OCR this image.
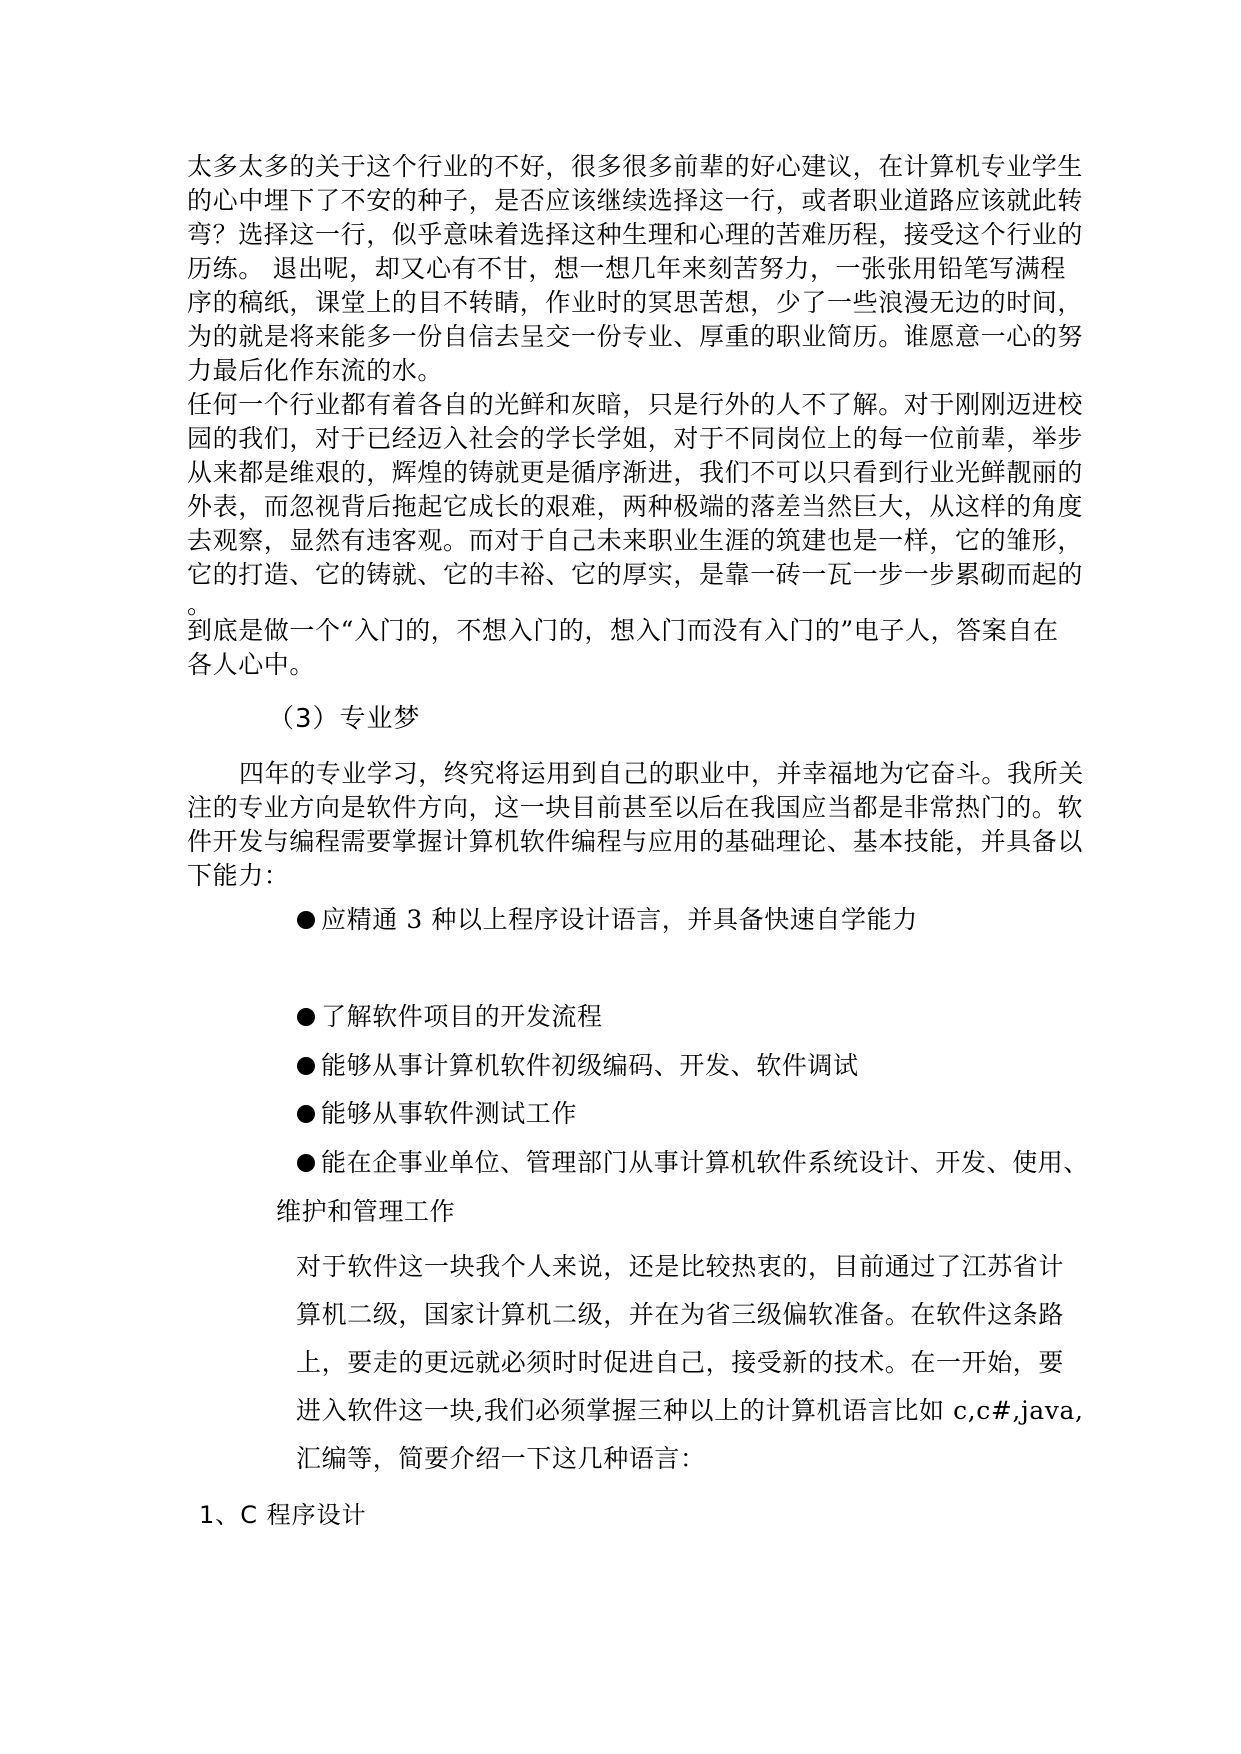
太多太多的关于这个行业的不好，很多很多前辈的好心建议，在计算机专业学生
的心中埋下了不安的种子，是否应该继续选择这一行，或者职业道路应该就此转
弯？选择这一行，似乎意味着选择这种生理和心理的苦难历程，接受这个行业的
历练。 退出呢，却又心有不甘，想一想几年来刻苦努力，一张张用铅笔写满程
序的稿纸，课堂上的目不转睛，作业时的冥思苦想，少了一些浪漫无边的时间，
为的就是将来能多一份自信去呈交一份专业、厚重的职业简历。谁愿意一心的努
力最后化作东流的水。
任何一个行业都有着各自的光鲜和灰暗，只是行外的人不了解。对于刚刚迈进校
园的我们，对于已经迈入社会的学长学姐，对于不同岗位上的每一位前辈，举步
从来都是维艰的，辉煌的铸就更是循序渐进，我们不可以只看到行业光鲜靓丽的
外表，而忽视背后拖起它成长的艰难，两种极端的落差当然巨大，从这样的角度
去观察，显然有违客观。而对于自己未来职业生涯的筑建也是一样，它的雏形，
它的打造、它的铸就、它的丰裕、它的厚实，是靠一砖一瓦一步一步累砌而起的
。
到底是做一个“入门的，不想入门的，想入门而没有入门的”电子人，答案自在
各人心中。
（3）专业梦
四年的专业学习，终究将运用到自己的职业中，并幸福地为它奋斗。我所关
注的专业方向是软件方向，这一块目前甚至以后在我国应当都是非常热门的。软
件开发与编程需要掌握计算机软件编程与应用的基础理论、基本技能，并具备以
下能力：
应精通 3 种以上程序设计语言，并具备快速自学能力
了解软件项目的开发流程
能够从事计算机软件初级编码、开发、软件调试
能够从事软件测试工作
能在企事业单位、管理部门从事计算机软件系统设计、开发、使用、
维护和管理工作
对于软件这一块我个人来说，还是比较热衷的，目前通过了江苏省计
算机二级，国家计算机二级，并在为省三级偏软准备。在软件这条路
上，要走的更远就必须时时促进自己，接受新的技术。在一开始，要
进入软件这一块,我们必须掌握三种以上的计算机语言比如 c,c#,java,
汇编等，简要介绍一下这几种语言：
1、C 程序设计
